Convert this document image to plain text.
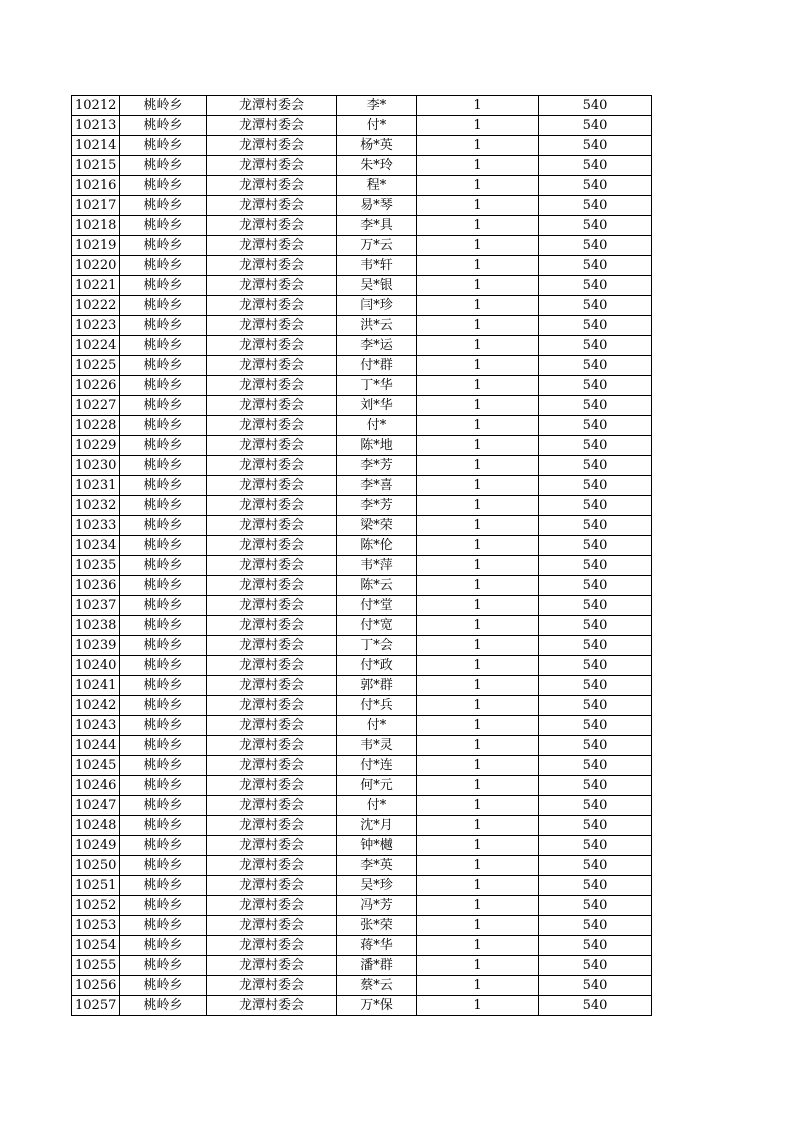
10212	桃岭乡	龙潭村委会	李*	1	540
10213	桃岭乡	龙潭村委会	付*	1	540
10214	桃岭乡	龙潭村委会	杨*英	1	540
10215	桃岭乡	龙潭村委会	朱*玲	1	540
10216	桃岭乡	龙潭村委会	程*	1	540
10217	桃岭乡	龙潭村委会	易*琴	1	540
10218	桃岭乡	龙潭村委会	李*具	1	540
10219	桃岭乡	龙潭村委会	万*云	1	540
10220	桃岭乡	龙潭村委会	韦*轩	1	540
10221	桃岭乡	龙潭村委会	吴*银	1	540
10222	桃岭乡	龙潭村委会	闫*珍	1	540
10223	桃岭乡	龙潭村委会	洪*云	1	540
10224	桃岭乡	龙潭村委会	李*运	1	540
10225	桃岭乡	龙潭村委会	付*群	1	540
10226	桃岭乡	龙潭村委会	丁*华	1	540
10227	桃岭乡	龙潭村委会	刘*华	1	540
10228	桃岭乡	龙潭村委会	付*	1	540
10229	桃岭乡	龙潭村委会	陈*地	1	540
10230	桃岭乡	龙潭村委会	李*芳	1	540
10231	桃岭乡	龙潭村委会	李*喜	1	540
10232	桃岭乡	龙潭村委会	李*芳	1	540
10233	桃岭乡	龙潭村委会	梁*荣	1	540
10234	桃岭乡	龙潭村委会	陈*伦	1	540
10235	桃岭乡	龙潭村委会	韦*萍	1	540
10236	桃岭乡	龙潭村委会	陈*云	1	540
10237	桃岭乡	龙潭村委会	付*堂	1	540
10238	桃岭乡	龙潭村委会	付*宽	1	540
10239	桃岭乡	龙潭村委会	丁*会	1	540
10240	桃岭乡	龙潭村委会	付*政	1	540
10241	桃岭乡	龙潭村委会	郭*群	1	540
10242	桃岭乡	龙潭村委会	付*兵	1	540
10243	桃岭乡	龙潭村委会	付*	1	540
10244	桃岭乡	龙潭村委会	韦*灵	1	540
10245	桃岭乡	龙潭村委会	付*连	1	540
10246	桃岭乡	龙潭村委会	何*元	1	540
10247	桃岭乡	龙潭村委会	付*	1	540
10248	桃岭乡	龙潭村委会	沈*月	1	540
10249	桃岭乡	龙潭村委会	钟*樾	1	540
10250	桃岭乡	龙潭村委会	李*英	1	540
10251	桃岭乡	龙潭村委会	吴*珍	1	540
10252	桃岭乡	龙潭村委会	冯*芳	1	540
10253	桃岭乡	龙潭村委会	张*荣	1	540
10254	桃岭乡	龙潭村委会	蒋*华	1	540
10255	桃岭乡	龙潭村委会	潘*群	1	540
10256	桃岭乡	龙潭村委会	蔡*云	1	540
10257	桃岭乡	龙潭村委会	万*保	1	540
